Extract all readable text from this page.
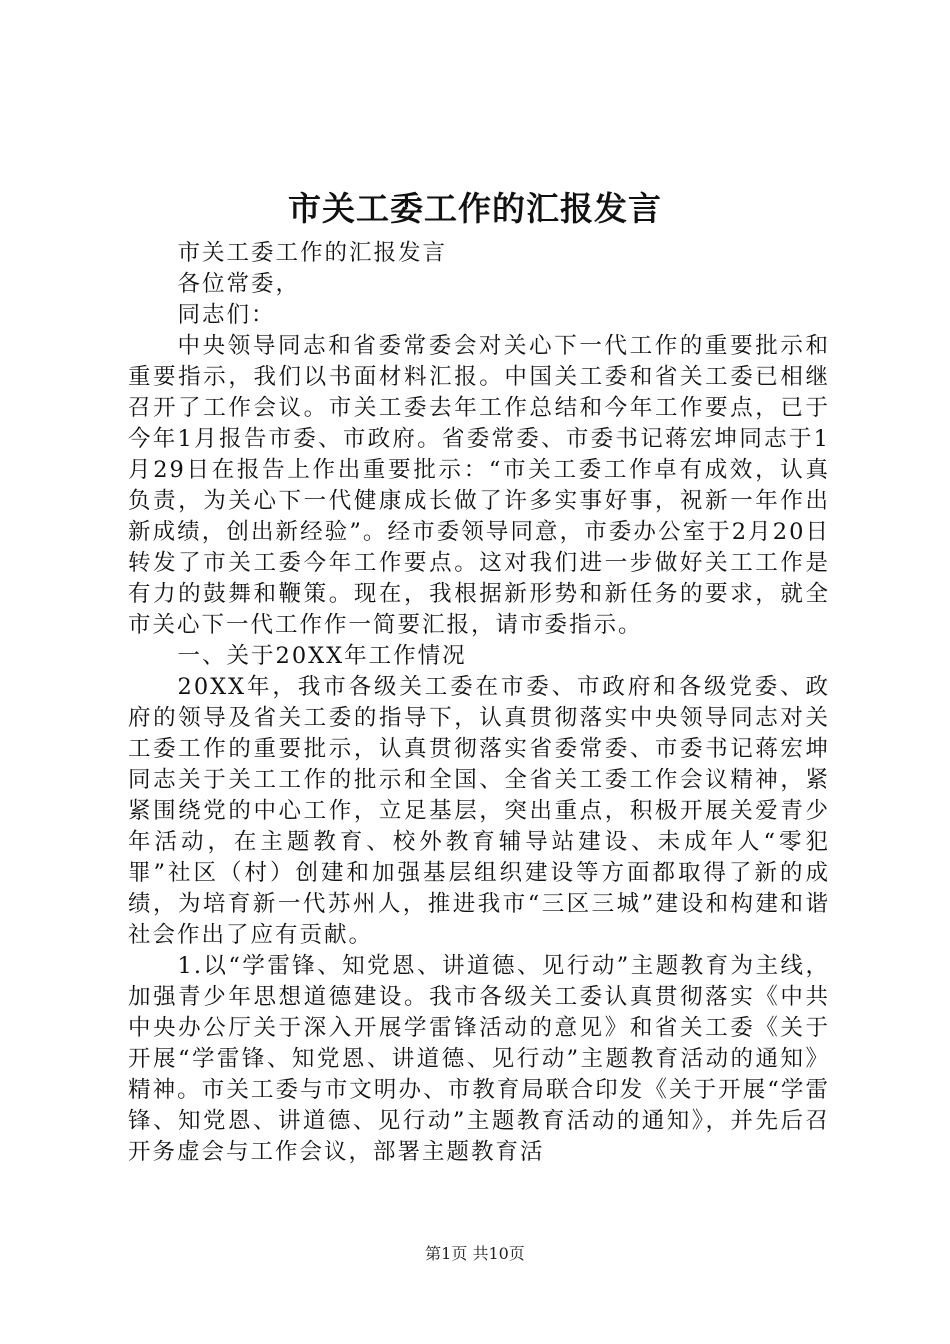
市关工委工作的汇报发言

市关工委工作的汇报发言

各位常委，

同志们：

中央领导同志和省委常委会对关心下一代工作的重要批示和重要指示，我们以书面材料汇报。中国关工委和省关工委已相继召开了工作会议。市关工委去年工作总结和今年工作要点，已于今年1月报告市委、市政府。省委常委、市委书记蒋宏坤同志于1月29日在报告上作出重要批示：“市关工委工作卓有成效，认真负责，为关心下一代健康成长做了许多实事好事，祝新一年作出新成绩，创出新经验”。经市委领导同意，市委办公室于2月20日转发了市关工委今年工作要点。这对我们进一步做好关工工作是有力的鼓舞和鞭策。现在，我根据新形势和新任务的要求，就全市关心下一代工作作一简要汇报，请市委指示。

一、关于20XX年工作情况

20XX年，我市各级关工委在市委、市政府和各级党委、政府的领导及省关工委的指导下，认真贯彻落实中央领导同志对关工委工作的重要批示，认真贯彻落实省委常委、市委书记蒋宏坤同志关于关工工作的批示和全国、全省关工委工作会议精神，紧紧围绕党的中心工作，立足基层，突出重点，积极开展关爱青少年活动，在主题教育、校外教育辅导站建设、未成年人“零犯罪”社区（村）创建和加强基层组织建设等方面都取得了新的成绩，为培育新一代苏州人，推进我市“三区三城”建设和构建和谐社会作出了应有贡献。

1.以“学雷锋、知党恩、讲道德、见行动”主题教育为主线，加强青少年思想道德建设。我市各级关工委认真贯彻落实《中共中央办公厅关于深入开展学雷锋活动的意见》和省关工委《关于开展“学雷锋、知党恩、讲道德、见行动”主题教育活动的通知》精神。市关工委与市文明办、市教育局联合印发《关于开展“学雷锋、知党恩、讲道德、见行动”主题教育活动的通知》，并先后召开务虚会与工作会议，部署主题教育活

第1页 共10页
